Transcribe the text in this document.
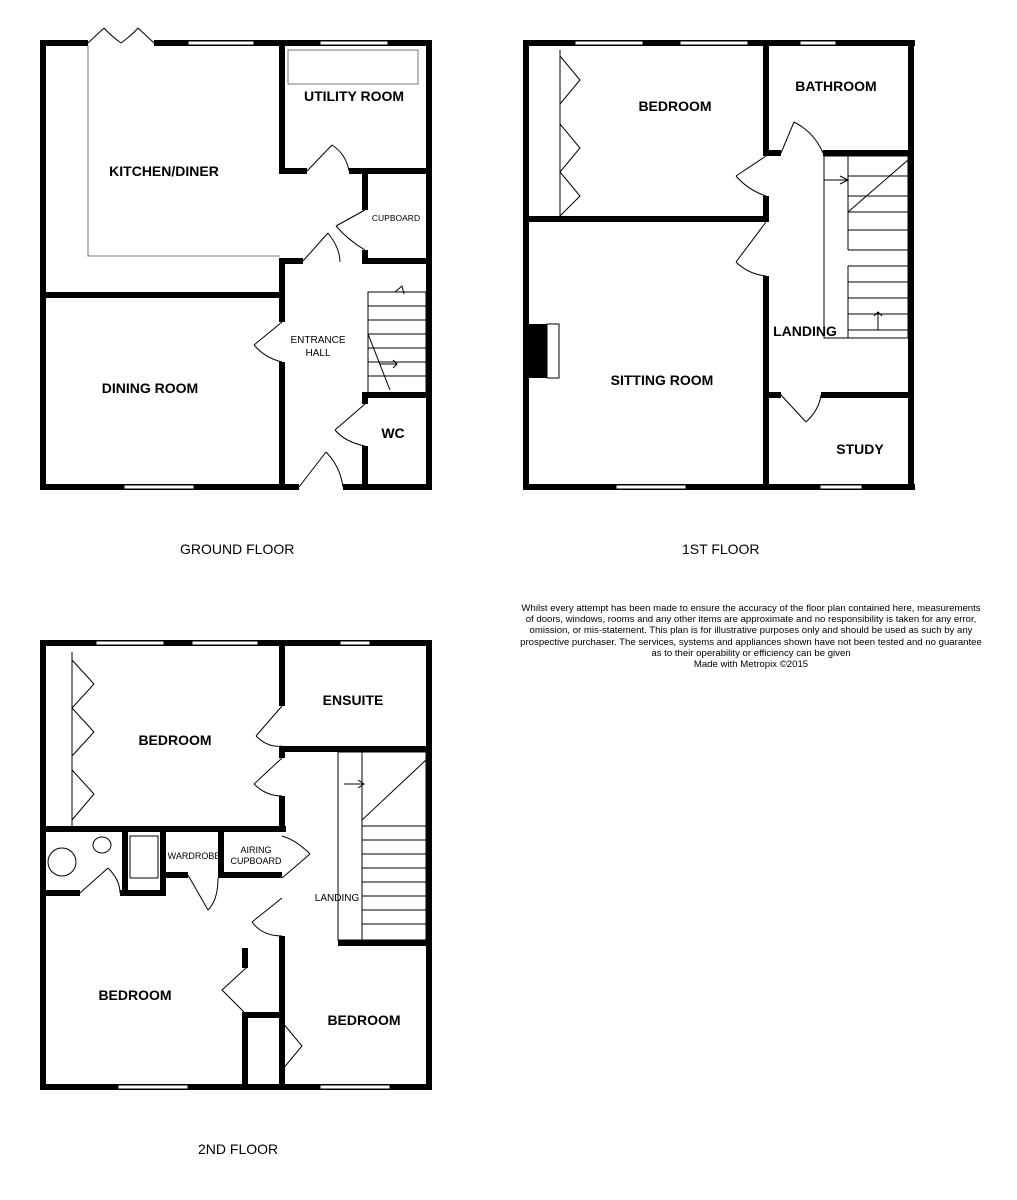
KITCHEN/DINER
UTILITY ROOM
CUPBOARD
ENTRANCE
HALL
DINING ROOM
WC
BEDROOM
BATHROOM
LANDING
SITTING ROOM
STUDY
BEDROOM
ENSUITE
WARDROBE
AIRING
CUPBOARD
LANDING
BEDROOM
BEDROOM
GROUND FLOOR	1ST FLOOR
2ND FLOOR
Whilst every attempt has been made to ensure the accuracy of the floor plan contained here, measurements
of doors, windows, rooms and any other items are approximate and no responsibility is taken for any error,
omission, or mis-statement. This plan is for illustrative purposes only and should be used as such by any
prospective purchaser. The services, systems and appliances shown have not been tested and no guarantee
as to their operability or efficiency can be given
Made with Metropix ©2015
